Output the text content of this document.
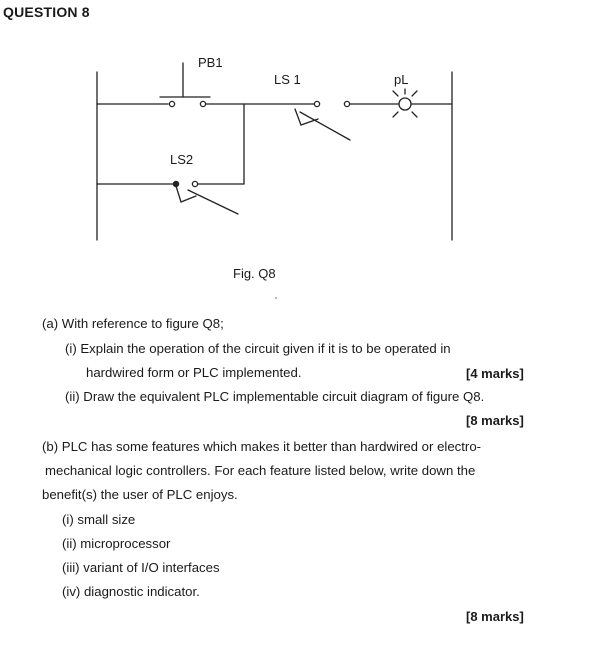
QUESTION 8
PB1
LS 1	pL
LS2
Fig. Q8
(a) With reference to figure Q8;
(i) Explain the operation of the circuit given if it is to be operated in
hardwired form or PLC implemented.	[4 marks]
(ii) Draw the equivalent PLC implementable circuit diagram of figure Q8.
[8 marks]
(b) PLC has some features which makes it better than hardwired or electro-
mechanical logic controllers. For each feature listed below, write down the
benefit(s) the user of PLC enjoys.
(i) small size
(ii) microprocessor
(iii) variant of I/O interfaces
(iv) diagnostic indicator.
[8 marks]
